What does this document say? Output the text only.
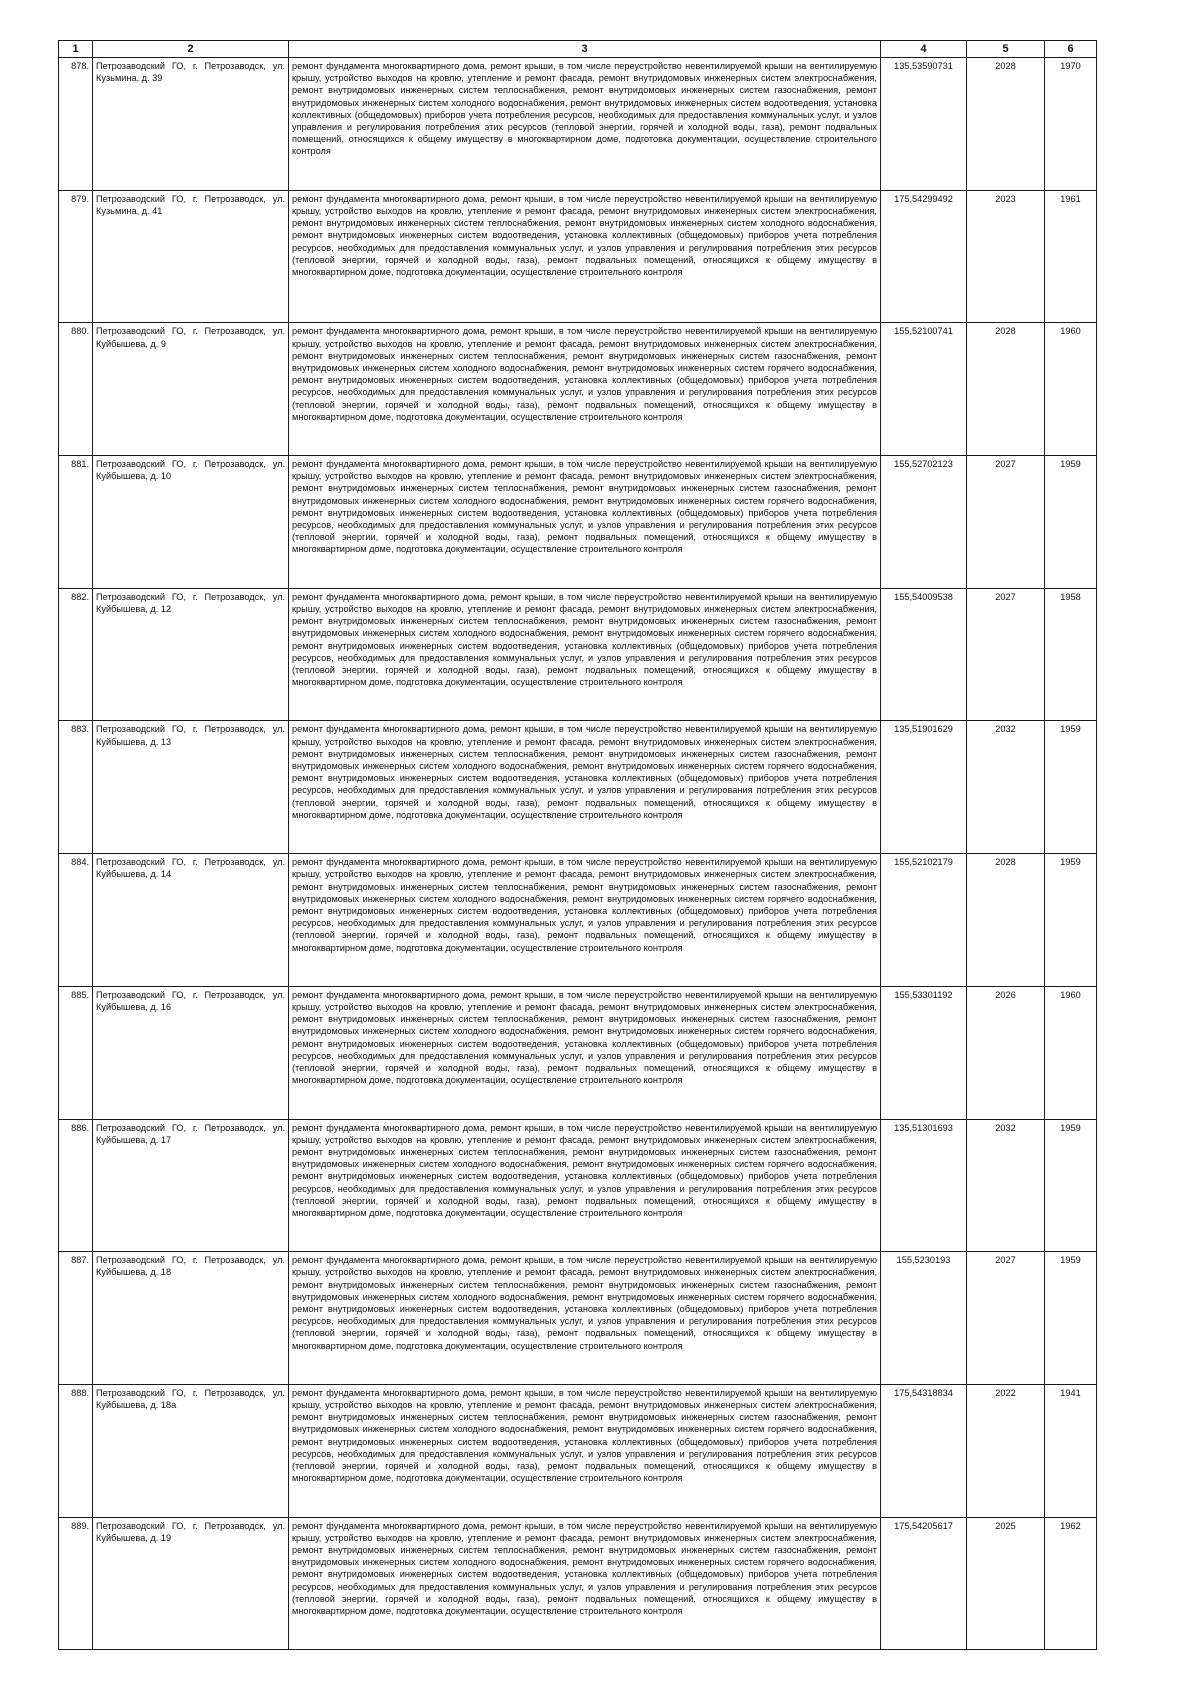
1	2	3	4	5	6
878.	Петрозаводский ГО, г. Петрозаводск, ул. Кузьмина, д. 39	ремонт фундамента многоквартирного дома, ремонт крыши, в том числе переустройство невентилируемой крыши на вентилируемую крышу, устройство выходов на кровлю, утепление и ремонт фасада, ремонт внутридомовых инженерных систем электроснабжения, ремонт внутридомовых инженерных систем теплоснабжения, ремонт внутридомовых инженерных систем газоснабжения, ремонт внутридомовых инженерных систем холодного водоснабжения, ремонт внутридомовых инженерных систем водоотведения, установка коллективных (общедомовых) приборов учета потребления ресурсов, необходимых для предоставления коммунальных услуг, и узлов управления и регулирования потребления этих ресурсов (тепловой энергии, горячей и холодной воды, газа), ремонт подвальных помещений, относящихся к общему имуществу в многоквартирном доме, подготовка документации, осуществление строительного контроля	135,53590731	2028	1970
879.	Петрозаводский ГО, г. Петрозаводск, ул. Кузьмина, д. 41	ремонт фундамента многоквартирного дома, ремонт крыши, в том числе переустройство невентилируемой крыши на вентилируемую крышу, устройство выходов на кровлю, утепление и ремонт фасада, ремонт внутридомовых инженерных систем электроснабжения, ремонт внутридомовых инженерных систем теплоснабжения, ремонт внутридомовых инженерных систем холодного водоснабжения, ремонт внутридомовых инженерных систем водоотведения, установка коллективных (общедомовых) приборов учета потребления ресурсов, необходимых для предоставления коммунальных услуг, и узлов управления и регулирования потребления этих ресурсов (тепловой энергии, горячей и холодной воды, газа), ремонт подвальных помещений, относящихся к общему имуществу в многоквартирном доме, подготовка документации, осуществление строительного контроля	175,54299492	2023	1961
880.	Петрозаводский ГО, г. Петрозаводск, ул. Куйбышева, д. 9	ремонт фундамента многоквартирного дома, ремонт крыши, в том числе переустройство невентилируемой крыши на вентилируемую крышу, устройство выходов на кровлю, утепление и ремонт фасада, ремонт внутридомовых инженерных систем электроснабжения, ремонт внутридомовых инженерных систем теплоснабжения, ремонт внутридомовых инженерных систем газоснабжения, ремонт внутридомовых инженерных систем холодного водоснабжения, ремонт внутридомовых инженерных систем горячего водоснабжения, ремонт внутридомовых инженерных систем водоотведения, установка коллективных (общедомовых) приборов учета потребления ресурсов, необходимых для предоставления коммунальных услуг, и узлов управления и регулирования потребления этих ресурсов (тепловой энергии, горячей и холодной воды, газа), ремонт подвальных помещений, относящихся к общему имуществу в многоквартирном доме, подготовка документации, осуществление строительного контроля	155,52100741	2028	1960
881.	Петрозаводский ГО, г. Петрозаводск, ул. Куйбышева, д. 10	ремонт фундамента многоквартирного дома, ремонт крыши, в том числе переустройство невентилируемой крыши на вентилируемую крышу, устройство выходов на кровлю, утепление и ремонт фасада, ремонт внутридомовых инженерных систем электроснабжения, ремонт внутридомовых инженерных систем теплоснабжения, ремонт внутридомовых инженерных систем газоснабжения, ремонт внутридомовых инженерных систем холодного водоснабжения, ремонт внутридомовых инженерных систем горячего водоснабжения, ремонт внутридомовых инженерных систем водоотведения, установка коллективных (общедомовых) приборов учета потребления ресурсов, необходимых для предоставления коммунальных услуг, и узлов управления и регулирования потребления этих ресурсов (тепловой энергии, горячей и холодной воды, газа), ремонт подвальных помещений, относящихся к общему имуществу в многоквартирном доме, подготовка документации, осуществление строительного контроля	155,52702123	2027	1959
882.	Петрозаводский ГО, г. Петрозаводск, ул. Куйбышева, д. 12	ремонт фундамента многоквартирного дома, ремонт крыши, в том числе переустройство невентилируемой крыши на вентилируемую крышу, устройство выходов на кровлю, утепление и ремонт фасада, ремонт внутридомовых инженерных систем электроснабжения, ремонт внутридомовых инженерных систем теплоснабжения, ремонт внутридомовых инженерных систем газоснабжения, ремонт внутридомовых инженерных систем холодного водоснабжения, ремонт внутридомовых инженерных систем горячего водоснабжения, ремонт внутридомовых инженерных систем водоотведения, установка коллективных (общедомовых) приборов учета потребления ресурсов, необходимых для предоставления коммунальных услуг, и узлов управления и регулирования потребления этих ресурсов (тепловой энергии, горячей и холодной воды, газа), ремонт подвальных помещений, относящихся к общему имуществу в многоквартирном доме, подготовка документации, осуществление строительного контроля	155,54009538	2027	1958
883.	Петрозаводский ГО, г. Петрозаводск, ул. Куйбышева, д. 13	ремонт фундамента многоквартирного дома, ремонт крыши, в том числе переустройство невентилируемой крыши на вентилируемую крышу, устройство выходов на кровлю, утепление и ремонт фасада, ремонт внутридомовых инженерных систем электроснабжения, ремонт внутридомовых инженерных систем теплоснабжения, ремонт внутридомовых инженерных систем газоснабжения, ремонт внутридомовых инженерных систем холодного водоснабжения, ремонт внутридомовых инженерных систем горячего водоснабжения, ремонт внутридомовых инженерных систем водоотведения, установка коллективных (общедомовых) приборов учета потребления ресурсов, необходимых для предоставления коммунальных услуг, и узлов управления и регулирования потребления этих ресурсов (тепловой энергии, горячей и холодной воды, газа), ремонт подвальных помещений, относящихся к общему имуществу в многоквартирном доме, подготовка документации, осуществление строительного контроля	135,51901629	2032	1959
884.	Петрозаводский ГО, г. Петрозаводск, ул. Куйбышева, д. 14	ремонт фундамента многоквартирного дома, ремонт крыши, в том числе переустройство невентилируемой крыши на вентилируемую крышу, устройство выходов на кровлю, утепление и ремонт фасада, ремонт внутридомовых инженерных систем электроснабжения, ремонт внутридомовых инженерных систем теплоснабжения, ремонт внутридомовых инженерных систем газоснабжения, ремонт внутридомовых инженерных систем холодного водоснабжения, ремонт внутридомовых инженерных систем горячего водоснабжения, ремонт внутридомовых инженерных систем водоотведения, установка коллективных (общедомовых) приборов учета потребления ресурсов, необходимых для предоставления коммунальных услуг, и узлов управления и регулирования потребления этих ресурсов (тепловой энергии, горячей и холодной воды, газа), ремонт подвальных помещений, относящихся к общему имуществу в многоквартирном доме, подготовка документации, осуществление строительного контроля	155,52102179	2028	1959
885.	Петрозаводский ГО, г. Петрозаводск, ул. Куйбышева, д. 16	ремонт фундамента многоквартирного дома, ремонт крыши, в том числе переустройство невентилируемой крыши на вентилируемую крышу, устройство выходов на кровлю, утепление и ремонт фасада, ремонт внутридомовых инженерных систем электроснабжения, ремонт внутридомовых инженерных систем теплоснабжения, ремонт внутридомовых инженерных систем газоснабжения, ремонт внутридомовых инженерных систем холодного водоснабжения, ремонт внутридомовых инженерных систем горячего водоснабжения, ремонт внутридомовых инженерных систем водоотведения, установка коллективных (общедомовых) приборов учета потребления ресурсов, необходимых для предоставления коммунальных услуг, и узлов управления и регулирования потребления этих ресурсов (тепловой энергии, горячей и холодной воды, газа), ремонт подвальных помещений, относящихся к общему имуществу в многоквартирном доме, подготовка документации, осуществление строительного контроля	155,53301192	2026	1960
886.	Петрозаводский ГО, г. Петрозаводск, ул. Куйбышева, д. 17	ремонт фундамента многоквартирного дома, ремонт крыши, в том числе переустройство невентилируемой крыши на вентилируемую крышу, устройство выходов на кровлю, утепление и ремонт фасада, ремонт внутридомовых инженерных систем электроснабжения, ремонт внутридомовых инженерных систем теплоснабжения, ремонт внутридомовых инженерных систем газоснабжения, ремонт внутридомовых инженерных систем холодного водоснабжения, ремонт внутридомовых инженерных систем горячего водоснабжения, ремонт внутридомовых инженерных систем водоотведения, установка коллективных (общедомовых) приборов учета потребления ресурсов, необходимых для предоставления коммунальных услуг, и узлов управления и регулирования потребления этих ресурсов (тепловой энергии, горячей и холодной воды, газа), ремонт подвальных помещений, относящихся к общему имуществу в многоквартирном доме, подготовка документации, осуществление строительного контроля	135,51301693	2032	1959
887.	Петрозаводский ГО, г. Петрозаводск, ул. Куйбышева, д. 18	ремонт фундамента многоквартирного дома, ремонт крыши, в том числе переустройство невентилируемой крыши на вентилируемую крышу, устройство выходов на кровлю, утепление и ремонт фасада, ремонт внутридомовых инженерных систем электроснабжения, ремонт внутридомовых инженерных систем теплоснабжения, ремонт внутридомовых инженерных систем газоснабжения, ремонт внутридомовых инженерных систем холодного водоснабжения, ремонт внутридомовых инженерных систем горячего водоснабжения, ремонт внутридомовых инженерных систем водоотведения, установка коллективных (общедомовых) приборов учета потребления ресурсов, необходимых для предоставления коммунальных услуг, и узлов управления и регулирования потребления этих ресурсов (тепловой энергии, горячей и холодной воды, газа), ремонт подвальных помещений, относящихся к общему имуществу в многоквартирном доме, подготовка документации, осуществление строительного контроля	155,5230193	2027	1959
888.	Петрозаводский ГО, г. Петрозаводск, ул. Куйбышева, д. 18а	ремонт фундамента многоквартирного дома, ремонт крыши, в том числе переустройство невентилируемой крыши на вентилируемую крышу, устройство выходов на кровлю, утепление и ремонт фасада, ремонт внутридомовых инженерных систем электроснабжения, ремонт внутридомовых инженерных систем теплоснабжения, ремонт внутридомовых инженерных систем газоснабжения, ремонт внутридомовых инженерных систем холодного водоснабжения, ремонт внутридомовых инженерных систем горячего водоснабжения, ремонт внутридомовых инженерных систем водоотведения, установка коллективных (общедомовых) приборов учета потребления ресурсов, необходимых для предоставления коммунальных услуг, и узлов управления и регулирования потребления этих ресурсов (тепловой энергии, горячей и холодной воды, газа), ремонт подвальных помещений, относящихся к общему имуществу в многоквартирном доме, подготовка документации, осуществление строительного контроля	175,54318834	2022	1941
889.	Петрозаводский ГО, г. Петрозаводск, ул. Куйбышева, д. 19	ремонт фундамента многоквартирного дома, ремонт крыши, в том числе переустройство невентилируемой крыши на вентилируемую крышу, устройство выходов на кровлю, утепление и ремонт фасада, ремонт внутридомовых инженерных систем электроснабжения, ремонт внутридомовых инженерных систем теплоснабжения, ремонт внутридомовых инженерных систем газоснабжения, ремонт внутридомовых инженерных систем холодного водоснабжения, ремонт внутридомовых инженерных систем горячего водоснабжения, ремонт внутридомовых инженерных систем водоотведения, установка коллективных (общедомовых) приборов учета потребления ресурсов, необходимых для предоставления коммунальных услуг, и узлов управления и регулирования потребления этих ресурсов (тепловой энергии, горячей и холодной воды, газа), ремонт подвальных помещений, относящихся к общему имуществу в многоквартирном доме, подготовка документации, осуществление строительного контроля	175,54205617	2025	1962
